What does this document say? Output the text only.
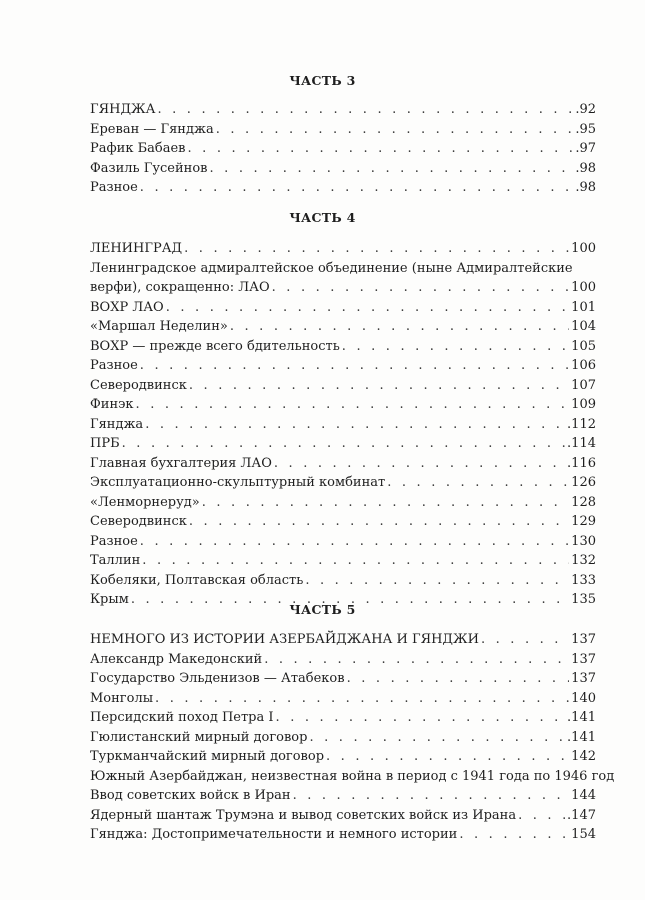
ЧАСТЬ 3
ГЯНДЖА . . .	.92
Ереван — Гянджа . . .	.95
Рафик Бабаев . . .	.97
Фазиль Гусейнов . . .	.98
Разное . . .	.98
ЧАСТЬ 4
ЛЕНИНГРАД . . .	100
Ленинградское адмиралтейское объединение (ныне Адмиралтейские
верфи), сокращенно: ЛАО . . .	100
ВОХР ЛАО . . .	101
«Маршал Неделин» . . .	104
ВОХР — прежде всего бдительность . . .	105
Разное . . .	106
Северодвинск . . .	107
Финэк . . .	109
Гянджа . . .	.112
ПРБ . . .	.114
Главная бухгалтерия ЛАО . . .	.116
Эксплуатационно-скульптурный комбинат . . .	126
«Ленморнеруд» . . .	128
Северодвинск . . .	129
Разное . . .	130
Таллин . . .	132
Кобеляки, Полтавская область . . .	133
Крым . . .	135
ЧАСТЬ 5
НЕМНОГО ИЗ ИСТОРИИ АЗЕРБАЙДЖАНА И ГЯНДЖИ . . .	137
Александр Македонский . . .	137
Государство Эльденизов — Атабеков . . .	137
Монголы . . .	140
Персидский поход Петра I . . .	.141
Гюлистанский мирный договор . . .	.141
Туркманчайский мирный договор . . .	142
Южный Азербайджан, неизвестная война в период с 1941 года по 1946 год
Ввод советских войск в Иран . . .	144
Ядерный шантаж Трумэна и вывод советских войск из Ирана . . .	.147
Гянджа: Достопримечательности и немного истории . . .	154
